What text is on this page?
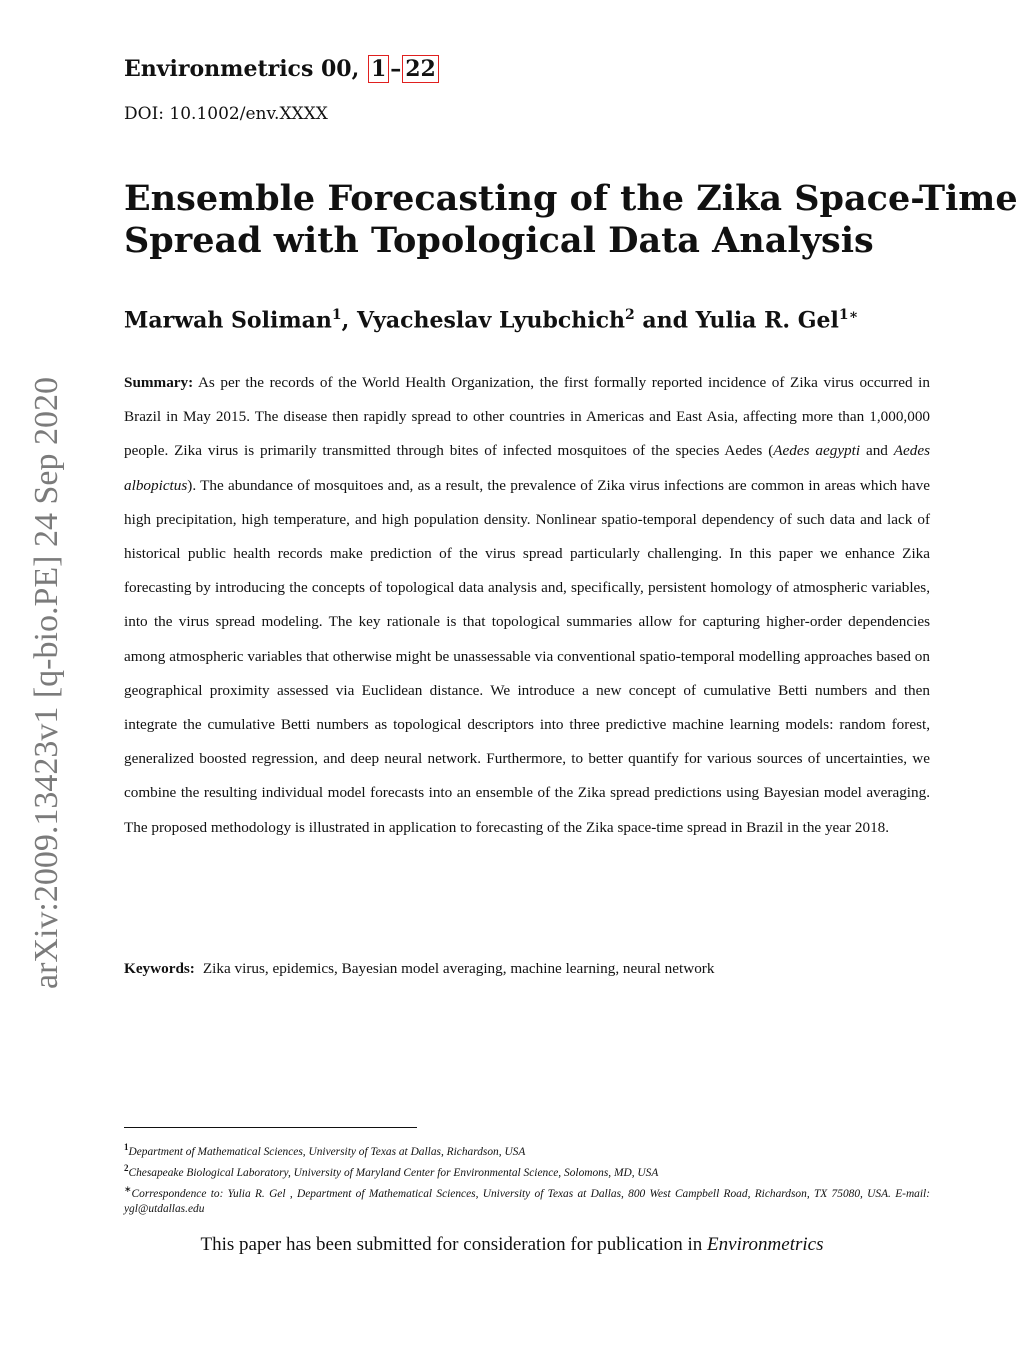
Environmetrics 00, 1 – 22
DOI: 10.1002/env.XXXX
Ensemble Forecasting of the Zika Space-Time
Spread with Topological Data Analysis
Marwah Soliman$^1$, Vyacheslav Lyubchich$^2$ and Yulia R. Gel$^{1∗}$
arXiv:2009.13423v1 [q-bio.PE] 24 Sep 2020	Summary: As per the records of the World Health Organization, the first formally reported incidence of Zika virus occurred in Brazil in May 2015. The disease then rapidly spread to other countries in Americas and East Asia, affecting more than 1,000,000 people. Zika virus is primarily transmitted through bites of infected mosquitoes of the species Aedes (Aedes aegypti and Aedes albopictus). The abundance of mosquitoes and, as a result, the prevalence of Zika virus infections are common in areas which have high precipitation, high temperature, and high population density. Nonlinear spatio-temporal dependency of such data and lack of historical public health records make prediction of the virus spread particularly challenging. In this paper we enhance Zika forecasting by introducing the concepts of topological data analysis and, specifically, persistent homology of atmospheric variables, into the virus spread modeling. The key rationale is that topological summaries allow for capturing higher-order dependencies among atmospheric variables that otherwise might be unassessable via conventional spatio-temporal modelling approaches based on geographical proximity assessed via Euclidean distance. We introduce a new concept of cumulative Betti numbers and then integrate the cumulative Betti numbers as topological descriptors into three predictive machine learning models: random forest, generalized boosted regression, and deep neural network. Furthermore, to better quantify for various sources of uncertainties, we combine the resulting individual model forecasts into an ensemble of the Zika spread predictions using Bayesian model averaging. The proposed methodology is illustrated in application to forecasting of the Zika space-time spread in Brazil in the year 2018.
Keywords: Zika virus, epidemics, Bayesian model averaging, machine learning, neural network
$^1$Department of Mathematical Sciences, University of Texas at Dallas, Richardson, USA
$^2$Chesapeake Biological Laboratory, University of Maryland Center for Environmental Science, Solomons, MD, USA
∗Correspondence to: Yulia R. Gel , Department of Mathematical Sciences, University of Texas at Dallas, 800 West Campbell Road, Richardson, TX 75080, USA. E-mail: ygl@utdallas.edu
This paper has been submitted for consideration for publication in Environmetrics
